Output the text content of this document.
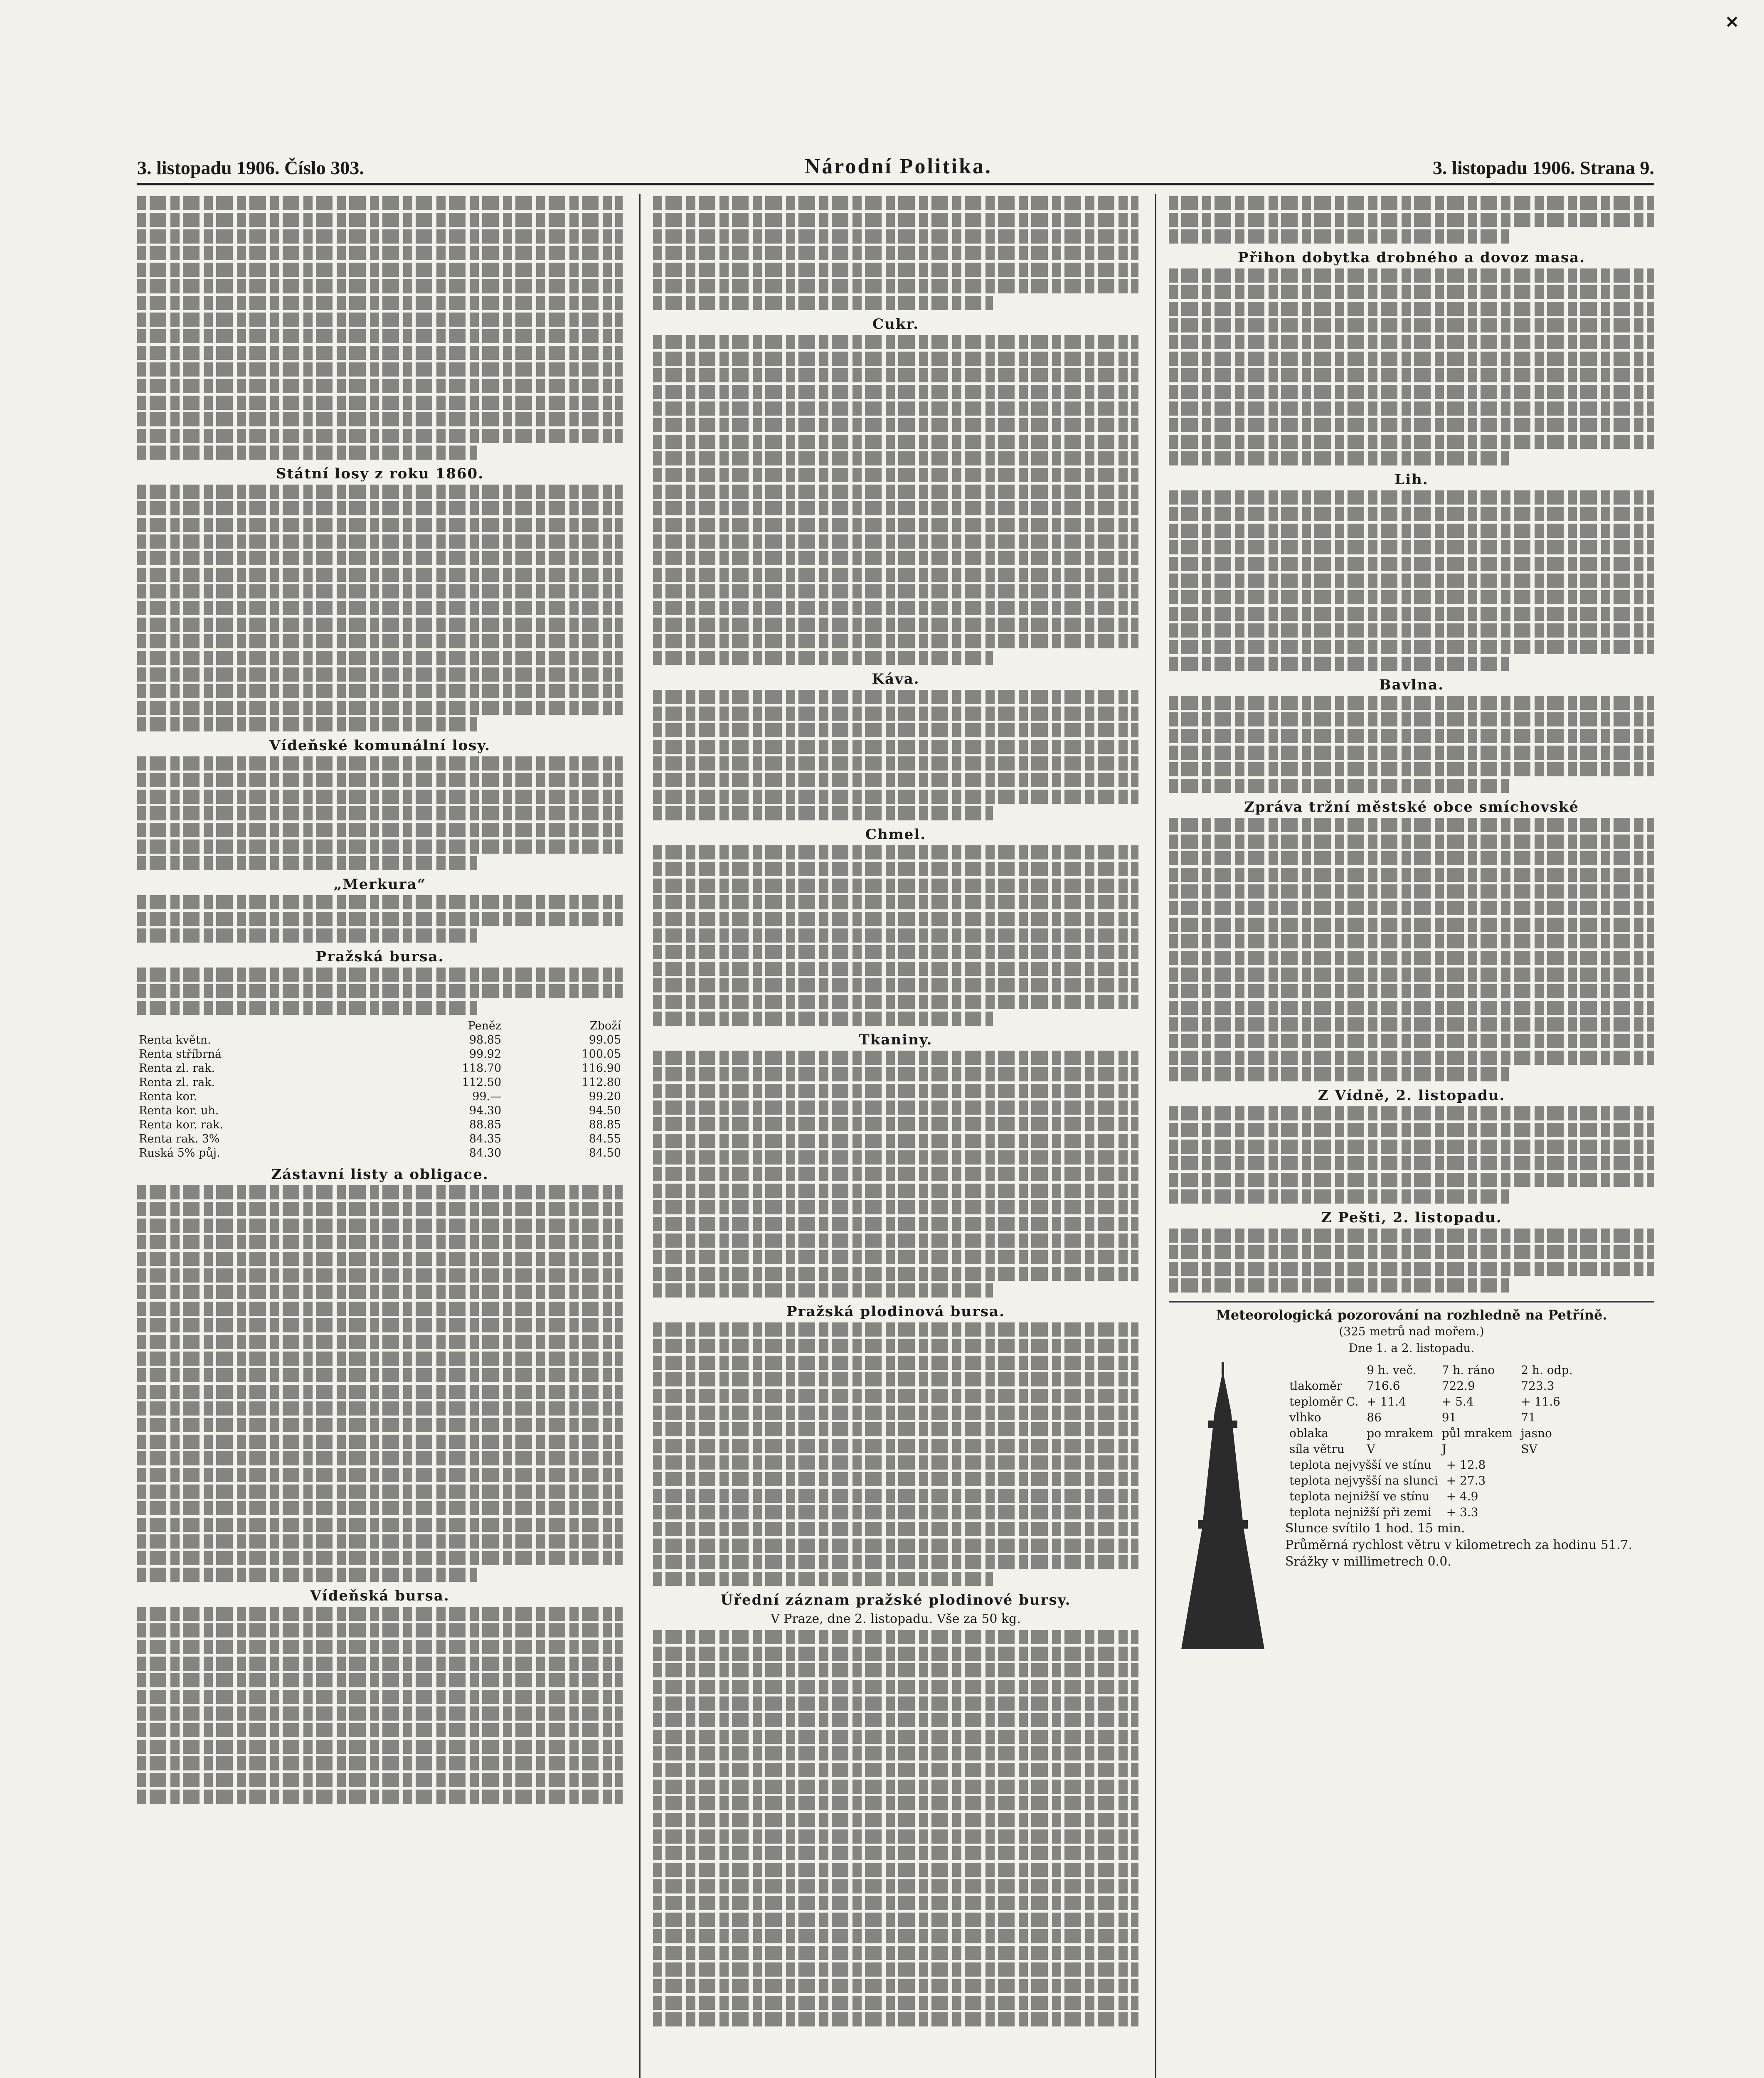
✕
3. listopadu 1906. Číslo 303.	Národní Politika.	3. listopadu 1906. Strana 9.
Státní losy z roku 1860.
Vídeňské komunální losy.
„Merkura“
Pražská bursa.
	Peněz	Zboží
Renta květn.	98.85	99.05
Renta stříbrná	99.92	100.05
Renta zl. rak.	118.70	116.90
Renta zl. rak.	112.50	112.80
Renta kor.	99.—	99.20
Renta kor. uh.	94.30	94.50
Renta kor. rak.	88.85	88.85
Renta rak. 3%	84.35	84.55
Ruská 5% půj.	84.30	84.50
Zástavní listy a obligace.
Vídeňská bursa.
Cukr.
Káva.
Chmel.
Tkaniny.
Pražská plodinová bursa.
Úřední záznam pražské plodinové bursy.
V Praze, dne 2. listopadu. Vše za 50 kg.
Přihon dobytka drobného a dovoz masa.
Lih.
Bavlna.
Zpráva tržní městské obce smíchovské
Z Vídně, 2. listopadu.
Z Pešti, 2. listopadu.
Meteorologická pozorování na rozhledně na Petříně.
(325 metrů nad mořem.)
Dne 1. a 2. listopadu.
	9 h. več.	7 h. ráno	2 h. odp.
tlakoměr	716.6	722.9	723.3
teploměr C.	+ 11.4	+ 5.4	+ 11.6
vlhko	86	91	71
oblaka	po mrakem	půl mrakem	jasno
síla větru	V	J	SV
teplota nejvyšší ve stínu	+ 12.8
teplota nejvyšší na slunci	+ 27.3
teplota nejnižší ve stínu	+ 4.9
teplota nejnižší při zemi	+ 3.3
Slunce svítilo 1 hod. 15 min.
Průměrná rychlost větru v kilometrech za hodinu 51.7.
Srážky v millimetrech 0.0.
